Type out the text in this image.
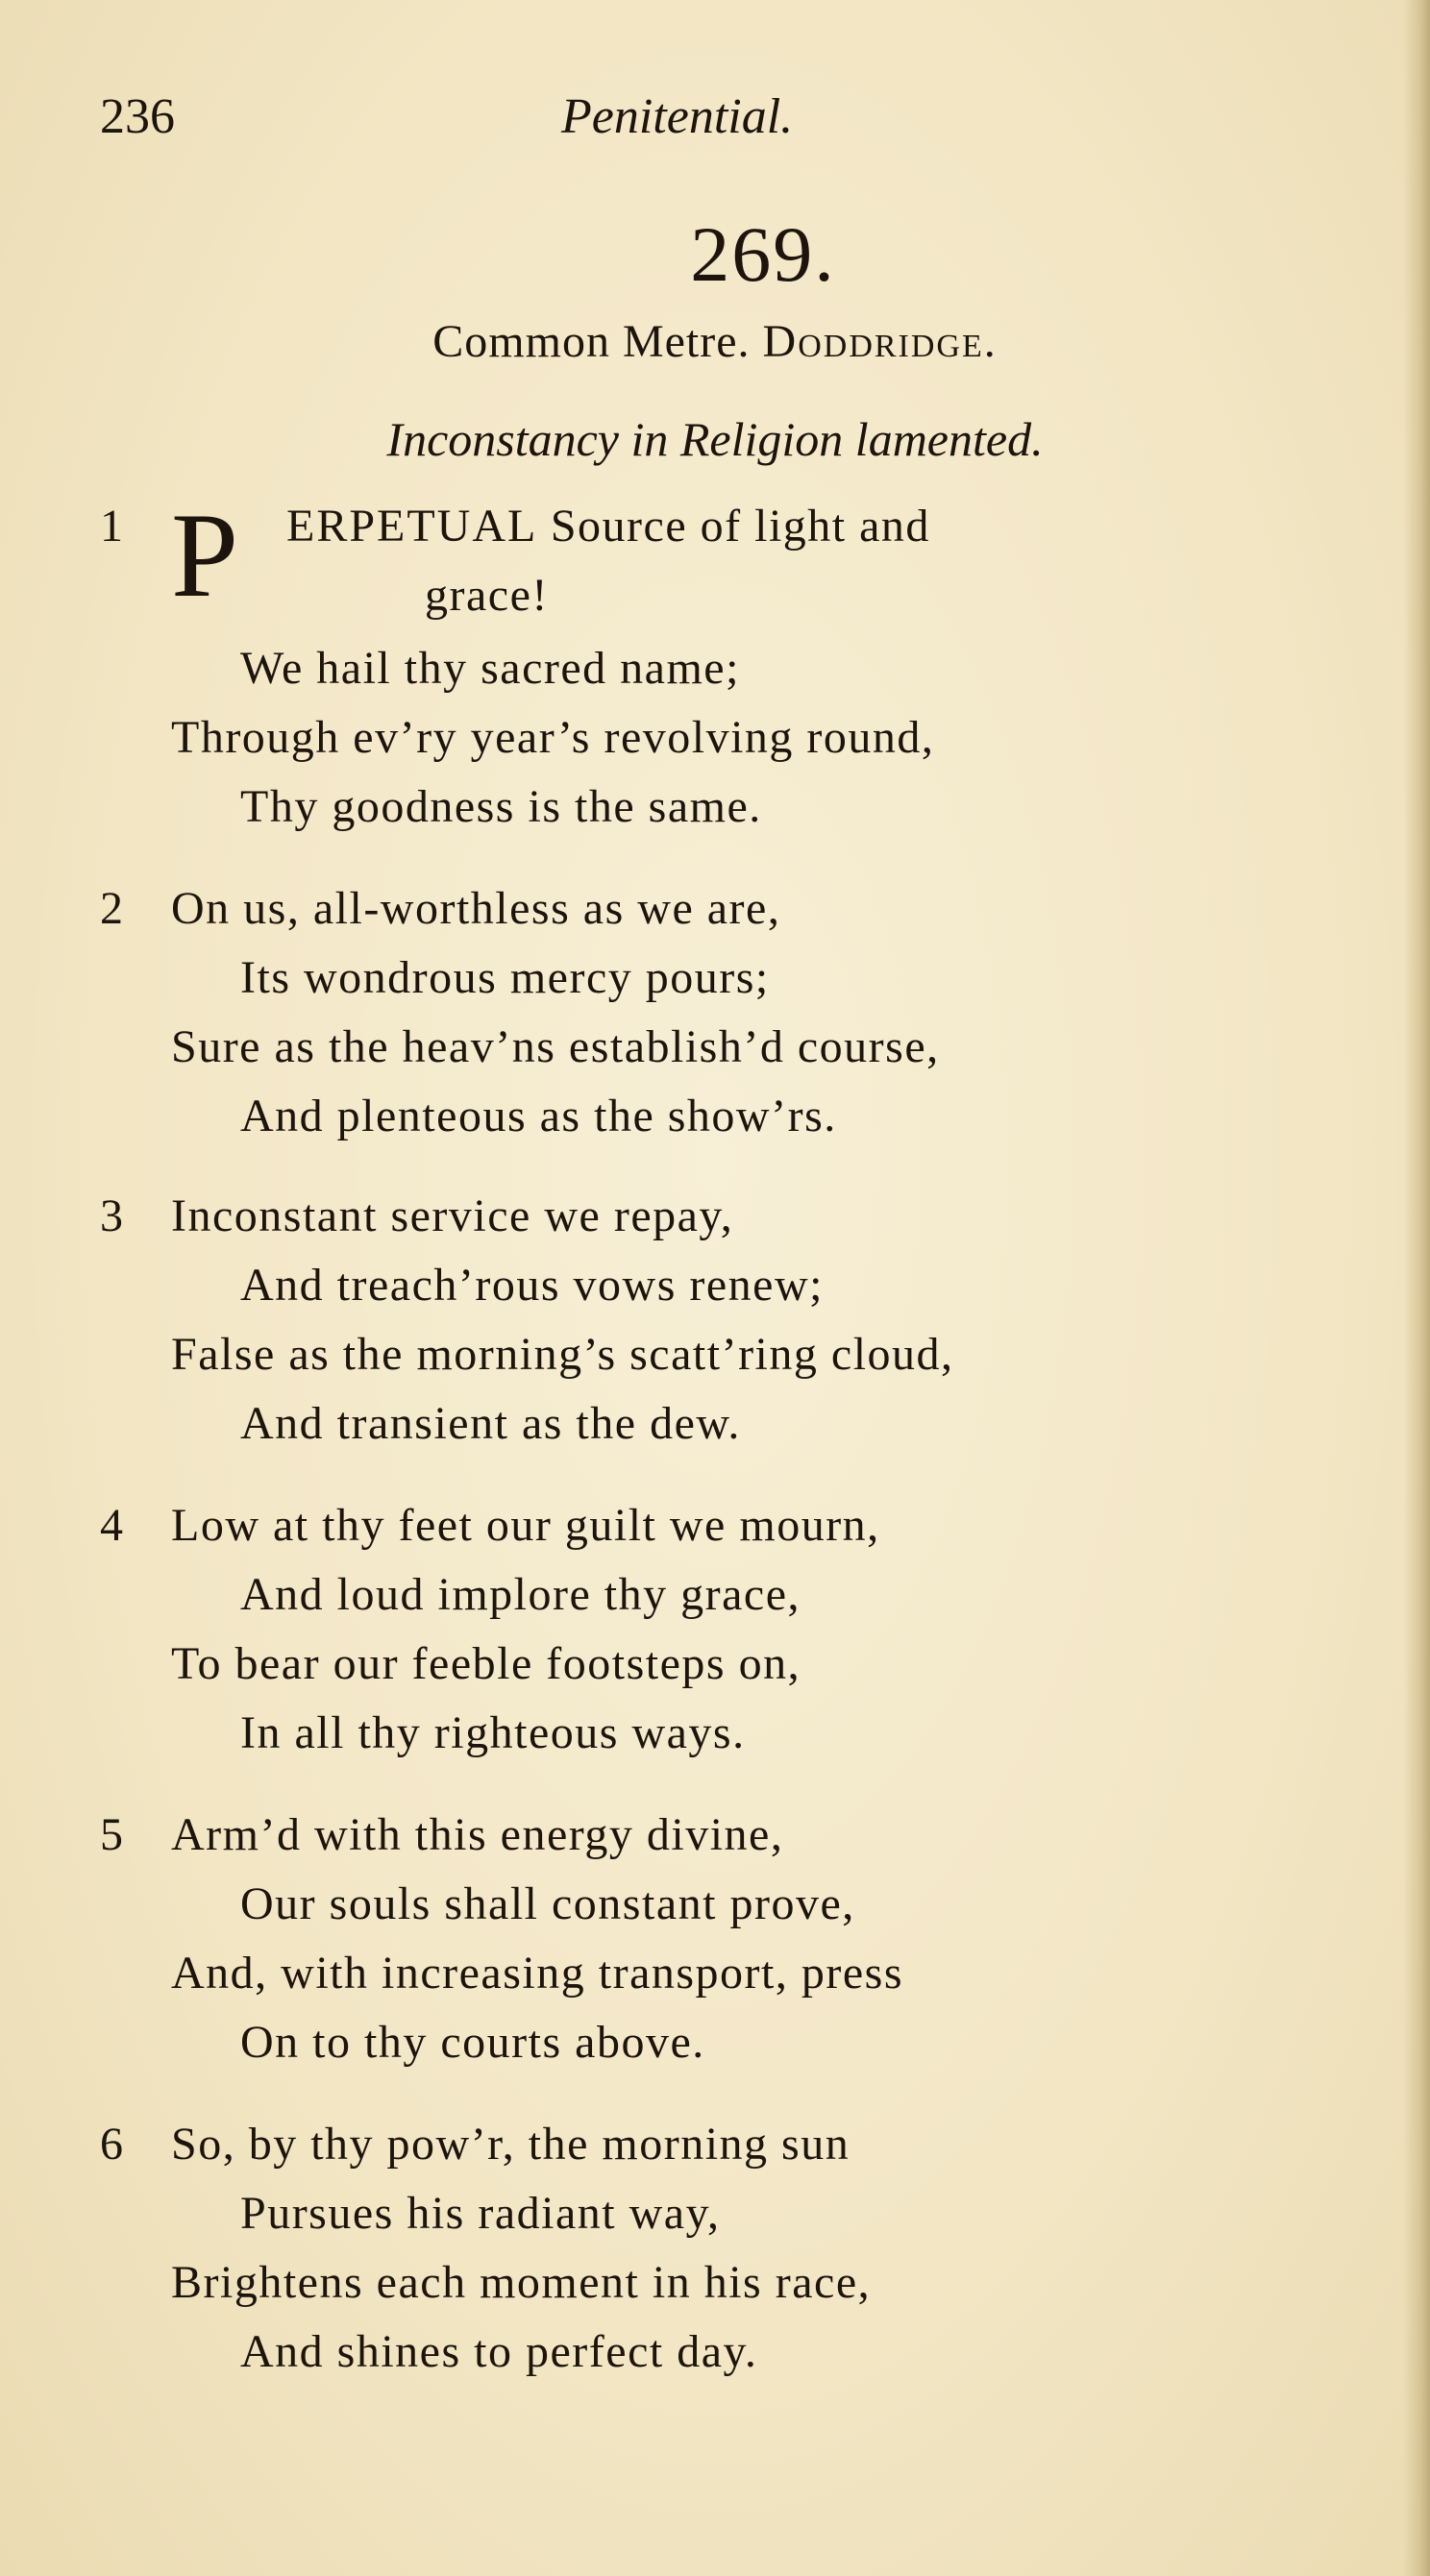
236	Penitential.
269.
Common Metre. Doddridge.
Inconstancy in Religion lamented.
1 P ERPETUAL Source of light and
grace!
We hail thy sacred name;
Through ev’ry year’s revolving round,
Thy goodness is the same.
2 On us, all-worthless as we are,
Its wondrous mercy pours;
Sure as the heav’ns establish’d course,
And plenteous as the show’rs.
3 Inconstant service we repay,
And treach’rous vows renew;
False as the morning’s scatt’ring cloud,
And transient as the dew.
4 Low at thy feet our guilt we mourn,
And loud implore thy grace,
To bear our feeble footsteps on,
In all thy righteous ways.
5 Arm’d with this energy divine,
Our souls shall constant prove,
And, with increasing transport, press
On to thy courts above.
6 So, by thy pow’r, the morning sun
Pursues his radiant way,
Brightens each moment in his race,
And shines to perfect day.
